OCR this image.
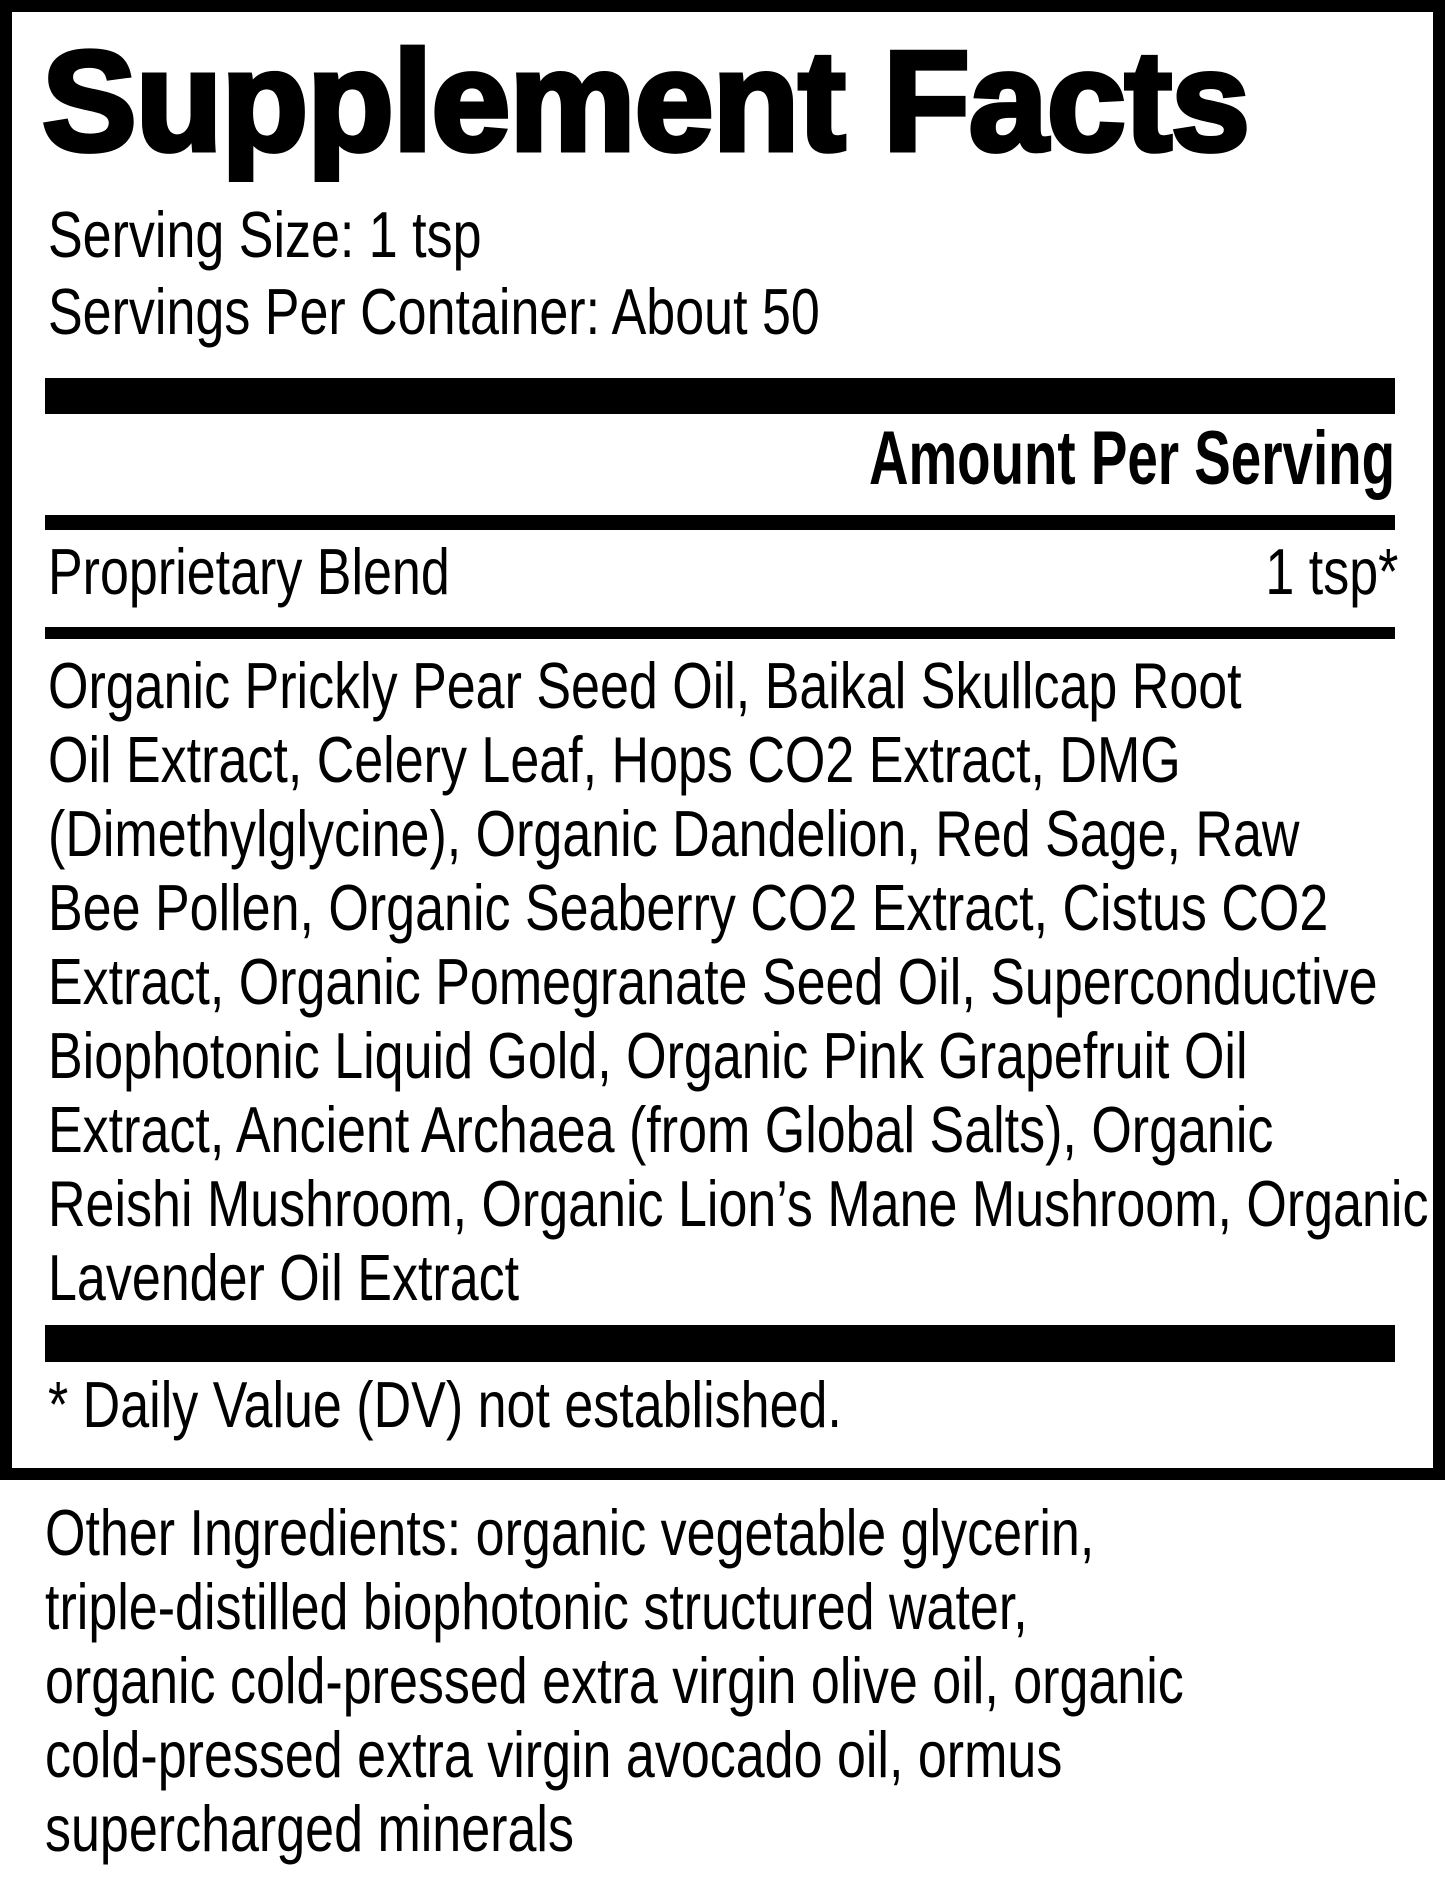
Supplement Facts
Serving Size: 1 tsp
Servings Per Container: About 50
Amount Per Serving
Proprietary Blend	1 tsp*
Organic Prickly Pear Seed Oil, Baikal Skullcap Root
Oil Extract, Celery Leaf, Hops CO2 Extract, DMG
(Dimethylglycine), Organic Dandelion, Red Sage, Raw
Bee Pollen, Organic Seaberry CO2 Extract, Cistus CO2
Extract, Organic Pomegranate Seed Oil, Superconductive
Biophotonic Liquid Gold, Organic Pink Grapefruit Oil
Extract, Ancient Archaea (from Global Salts), Organic
Reishi Mushroom, Organic Lion’s Mane Mushroom, Organic
Lavender Oil Extract
* Daily Value (DV) not established.
Other Ingredients: organic vegetable glycerin,
triple-distilled biophotonic structured water,
organic cold-pressed extra virgin olive oil, organic
cold-pressed extra virgin avocado oil, ormus
supercharged minerals
